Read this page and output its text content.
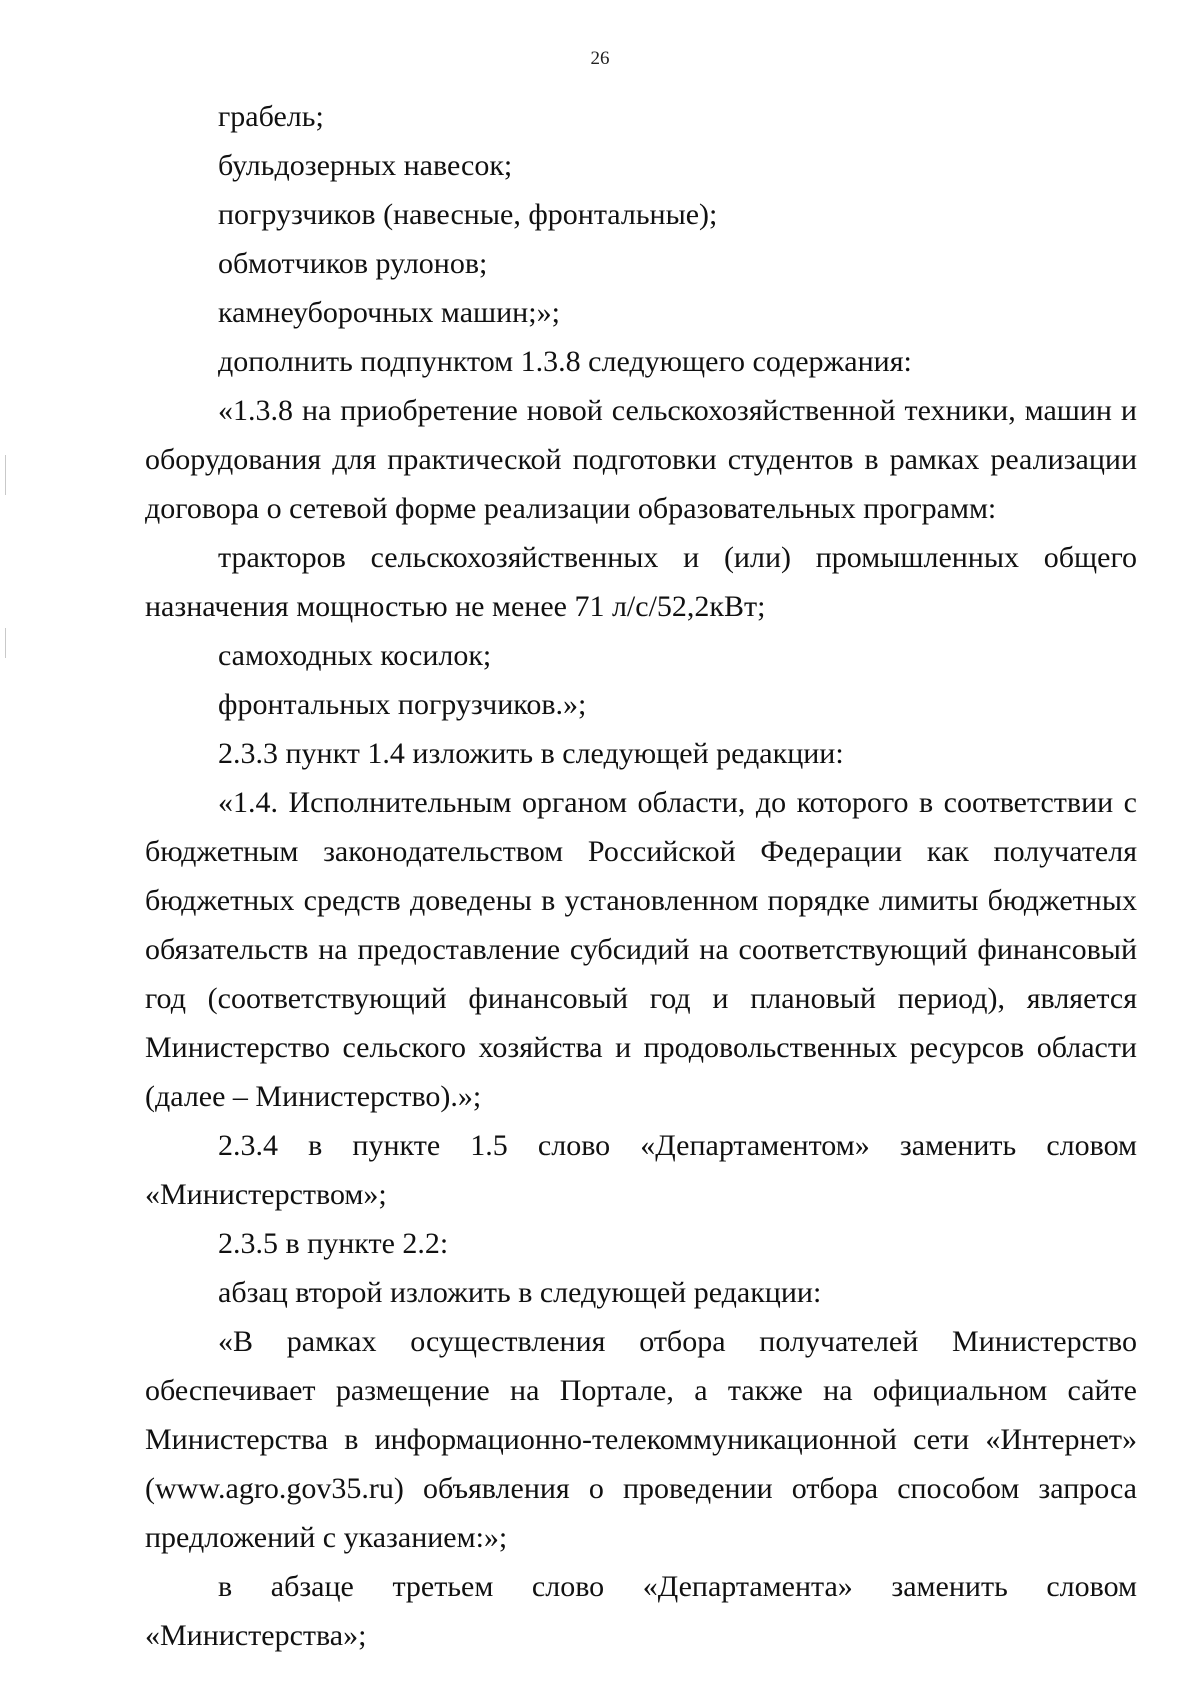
26

грабель;

бульдозерных навесок;

погрузчиков (навесные, фронтальные);

обмотчиков рулонов;

камнеуборочных машин;»;

дополнить подпунктом 1.3.8 следующего содержания:

«1.3.8 на приобретение новой сельскохозяйственной техники, машин и оборудования для практической подготовки студентов в рамках реализации договора о сетевой форме реализации образовательных программ:

тракторов сельскохозяйственных и (или) промышленных общего назначения мощностью не менее 71 л/с/52,2кВт;

самоходных косилок;

фронтальных погрузчиков.»;

2.3.3 пункт 1.4 изложить в следующей редакции:

«1.4. Исполнительным органом области, до которого в соответствии с бюджетным законодательством Российской Федерации как получателя бюджетных средств доведены в установленном порядке лимиты бюджетных обязательств на предоставление субсидий на соответствующий финансовый год (соответствующий финансовый год и плановый период), является Министерство сельского хозяйства и продовольственных ресурсов области (далее – Министерство).»;

2.3.4 в пункте 1.5 слово «Департаментом» заменить словом «Министерством»;

2.3.5 в пункте 2.2:

абзац второй изложить в следующей редакции:

«В рамках осуществления отбора получателей Министерство обеспечивает размещение на Портале, а также на официальном сайте Министерства в информационно-телекоммуникационной сети «Интернет» (www.agro.gov35.ru) объявления о проведении отбора способом запроса предложений с указанием:»;

в абзаце третьем слово «Департамента» заменить словом «Министерства»;
